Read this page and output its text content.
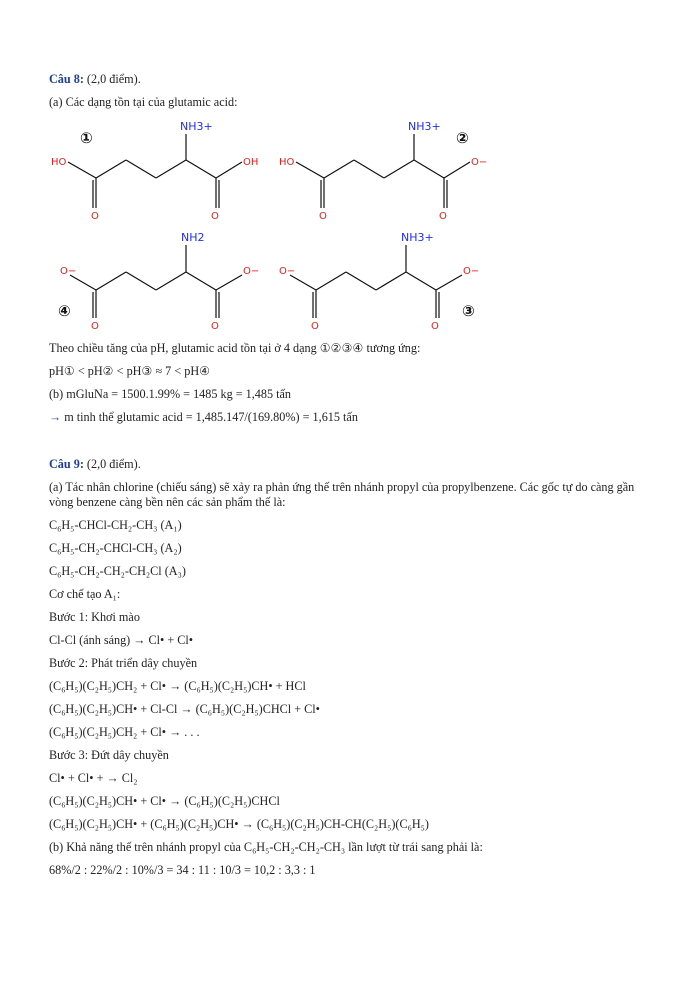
Câu 8: (2,0 điểm).
(a) Các dạng tồn tại của glutamic acid:
①
HO
O
NH3+
O
OH
②
HO
O
NH3+
O
O−
④
O−
O
NH2
O
O−
③
O−
O
NH3+
O
O−
Theo chiều tăng của pH, glutamic acid tồn tại ở 4 dạng ①②③④ tương ứng:
pH① < pH② < pH③ ≈ 7 < pH④
(b) mGluNa = 1500.1.99% = 1485 kg = 1,485 tấn
→ m tinh thể glutamic acid = 1,485.147/(169.80%) = 1,615 tấn
Câu 9: (2,0 điểm).
(a) Tác nhân chlorine (chiếu sáng) sẽ xảy ra phản ứng thế trên nhánh propyl của propylbenzene. Các gốc tự do càng gần vòng benzene càng bền nên các sản phẩm thế là:
C₆H₅-CHCl-CH₂-CH₃ (A₁)
C₆H₅-CH₂-CHCl-CH₃ (A₂)
C₆H₅-CH₂-CH₂-CH₂Cl (A₃)
Cơ chế tạo A₁:
Bước 1: Khơi mào
Cl-Cl (ánh sáng) → Cl• + Cl•
Bước 2: Phát triển dây chuyền
(C₆H₅)(C₂H₅)CH₂ + Cl• → (C₆H₅)(C₂H₅)CH• + HCl
(C₆H₅)(C₂H₅)CH• + Cl-Cl → (C₆H₅)(C₂H₅)CHCl + Cl•
(C₆H₅)(C₂H₅)CH₂ + Cl• → . . .
Bước 3: Đứt dây chuyền
Cl• + Cl• + → Cl₂
(C₆H₅)(C₂H₅)CH• + Cl• → (C₆H₅)(C₂H₅)CHCl
(C₆H₅)(C₂H₅)CH• + (C₆H₅)(C₂H₅)CH• → (C₆H₅)(C₂H₅)CH-CH(C₂H₅)(C₆H₅)
(b) Khả năng thế trên nhánh propyl của C₆H₅-CH₂-CH₂-CH₃ lần lượt từ trái sang phải là:
68%/2 : 22%/2 : 10%/3 = 34 : 11 : 10/3 = 10,2 : 3,3 : 1
